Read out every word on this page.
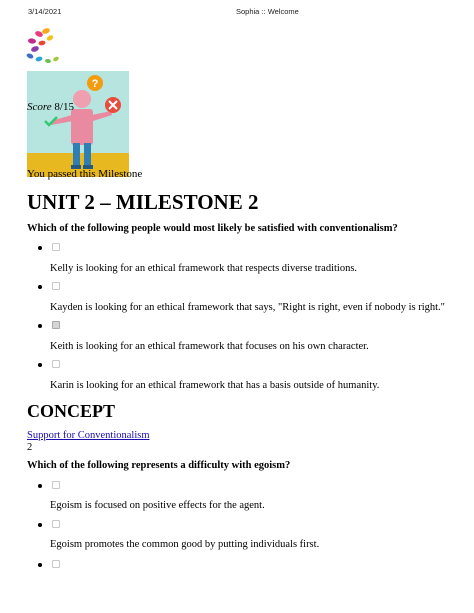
3/14/2021	Sophia :: Welcome
?
Score 8/15
You passed this Milestone
UNIT 2 – MILESTONE 2
Which of the following people would most likely be satisfied with conventionalism?
Kelly is looking for an ethical framework that respects diverse traditions.
Kayden is looking for an ethical framework that says, "Right is right, even if nobody is right."
Keith is looking for an ethical framework that focuses on his own character.
Karin is looking for an ethical framework that has a basis outside of humanity.
CONCEPT
Support for Conventionalism
2
Which of the following represents a difficulty with egoism?
Egoism is focused on positive effects for the agent.
Egoism promotes the common good by putting individuals first.
